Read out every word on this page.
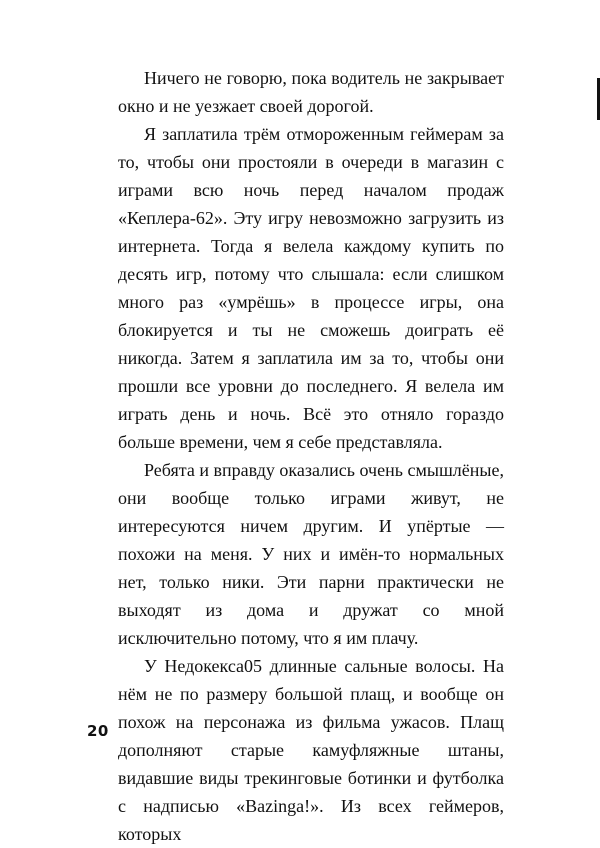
Ничего не говорю, пока водитель не закрывает окно и не уезжает своей дорогой.

Я заплатила трём отмороженным геймерам за то, чтобы они простояли в очереди в магазин с играми всю ночь перед началом продаж «Кеплера-62». Эту игру невозможно загрузить из интернета. Тогда я велела каждому купить по десять игр, потому что слышала: если слишком много раз «умрёшь» в процессе игры, она блокируется и ты не сможешь доиграть её никогда. Затем я заплатила им за то, чтобы они прошли все уровни до последнего. Я велела им играть день и ночь. Всё это отняло гораздо больше времени, чем я себе представляла.

Ребята и вправду оказались очень смышлёные, они вообще только играми живут, не интересуются ничем другим. И упёртые — похожи на меня. У них и имён-то нормальных нет, только ники. Эти парни практически не выходят из дома и дружат со мной исключительно потому, что я им плачу.

У Недокекса05 длинные сальные волосы. На нём не по размеру большой плащ, и вообще он похож на персонажа из фильма ужасов. Плащ дополняют старые камуфляжные штаны, видавшие виды трекинговые ботинки и футболка с надписью «Bazinga!». Из всех геймеров, которых

20
